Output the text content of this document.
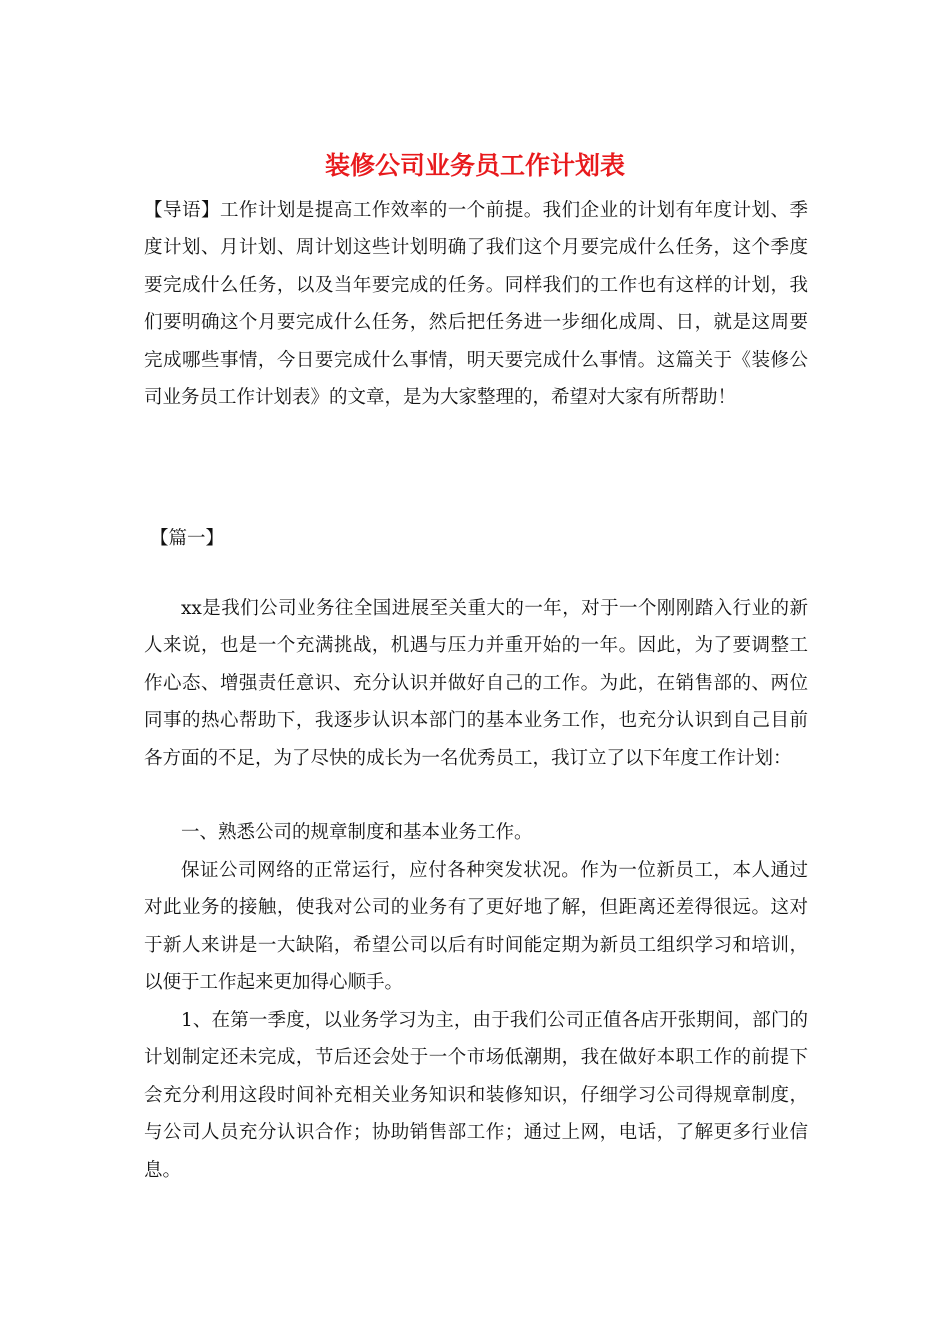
装修公司业务员工作计划表

【导语】工作计划是提高工作效率的一个前提。我们企业的计划有年度计划、季度计划、月计划、周计划这些计划明确了我们这个月要完成什么任务，这个季度要完成什么任务，以及当年要完成的任务。同样我们的工作也有这样的计划，我们要明确这个月要完成什么任务，然后把任务进一步细化成周、日，就是这周要完成哪些事情，今日要完成什么事情，明天要完成什么事情。这篇关于《装修公司业务员工作计划表》的文章，是为大家整理的，希望对大家有所帮助！

【篇一】

xx是我们公司业务往全国进展至关重大的一年，对于一个刚刚踏入行业的新人来说，也是一个充满挑战，机遇与压力并重开始的一年。因此，为了要调整工作心态、增强责任意识、充分认识并做好自己的工作。为此，在销售部的、两位同事的热心帮助下，我逐步认识本部门的基本业务工作，也充分认识到自己目前各方面的不足，为了尽快的成长为一名优秀员工，我订立了以下年度工作计划：

一、熟悉公司的规章制度和基本业务工作。

保证公司网络的正常运行，应付各种突发状况。作为一位新员工，本人通过对此业务的接触，使我对公司的业务有了更好地了解，但距离还差得很远。这对于新人来讲是一大缺陷，希望公司以后有时间能定期为新员工组织学习和培训，以便于工作起来更加得心顺手。

1、在第一季度，以业务学习为主，由于我们公司正值各店开张期间，部门的计划制定还未完成，节后还会处于一个市场低潮期，我在做好本职工作的前提下会充分利用这段时间补充相关业务知识和装修知识，仔细学习公司得规章制度，与公司人员充分认识合作；协助销售部工作；通过上网，电话，了解更多行业信息。
